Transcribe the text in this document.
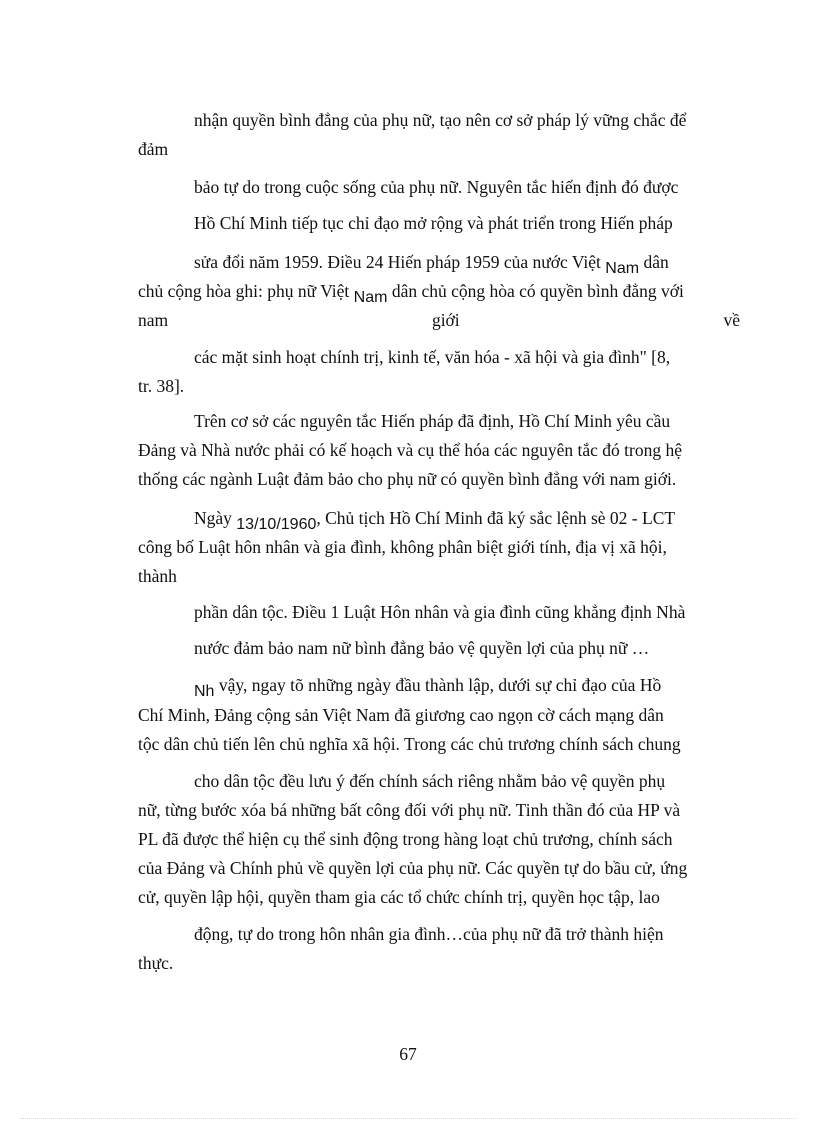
nhận quyền bình đẳng của phụ nữ, tạo nên cơ sở pháp lý vững chắc để
đảm
bảo tự do trong cuộc sống của phụ nữ. Nguyên tắc hiến định đó được
Hồ Chí Minh tiếp tục chỉ đạo mở rộng và phát triển trong Hiến pháp
sửa đổi năm 1959. Điều 24 Hiến pháp 1959 của nước Việt Nam dân
chủ cộng hòa ghi: phụ nữ Việt Nam dân chủ cộng hòa có quyền bình đẳng với
nam	giới	về
các mặt sinh hoạt chính trị, kinh tế, văn hóa - xã hội và gia đình" [8,
tr. 38].
Trên cơ sở các nguyên tắc Hiến pháp đã định, Hồ Chí Minh yêu cầu
Đảng và Nhà nước phải có kế hoạch và cụ thể hóa các nguyên tắc đó trong hệ
thống các ngành Luật đảm bảo cho phụ nữ có quyền bình đẳng với nam giới.
Ngày 13/10/1960, Chủ tịch Hồ Chí Minh đã ký sắc lệnh sè 02 - LCT
công bố Luật hôn nhân và gia đình, không phân biệt giới tính, địa vị xã hội,
thành
phần dân tộc. Điều 1 Luật Hôn nhân và gia đình cũng khẳng định Nhà
nước đảm bảo nam nữ bình đẳng bảo vệ quyền lợi của phụ nữ …
Nh vậy, ngay tõ những ngày đầu thành lập, dưới sự chỉ đạo của Hồ
Chí Minh, Đảng cộng sản Việt Nam đã giương cao ngọn cờ cách mạng dân
tộc dân chủ tiến lên chủ nghĩa xã hội. Trong các chủ trương chính sách chung
cho dân tộc đều lưu ý đến chính sách riêng nhằm bảo vệ quyền phụ
nữ, từng bước xóa bá những bất công đối với phụ nữ. Tinh thần đó của HP và
PL đã được thể hiện cụ thể sinh động trong hàng loạt chủ trương, chính sách
của Đảng và Chính phủ về quyền lợi của phụ nữ. Các quyền tự do bầu cử, ứng
cử, quyền lập hội, quyền tham gia các tổ chức chính trị, quyền học tập, lao
động, tự do trong hôn nhân gia đình…của phụ nữ đã trở thành hiện
thực.
67
